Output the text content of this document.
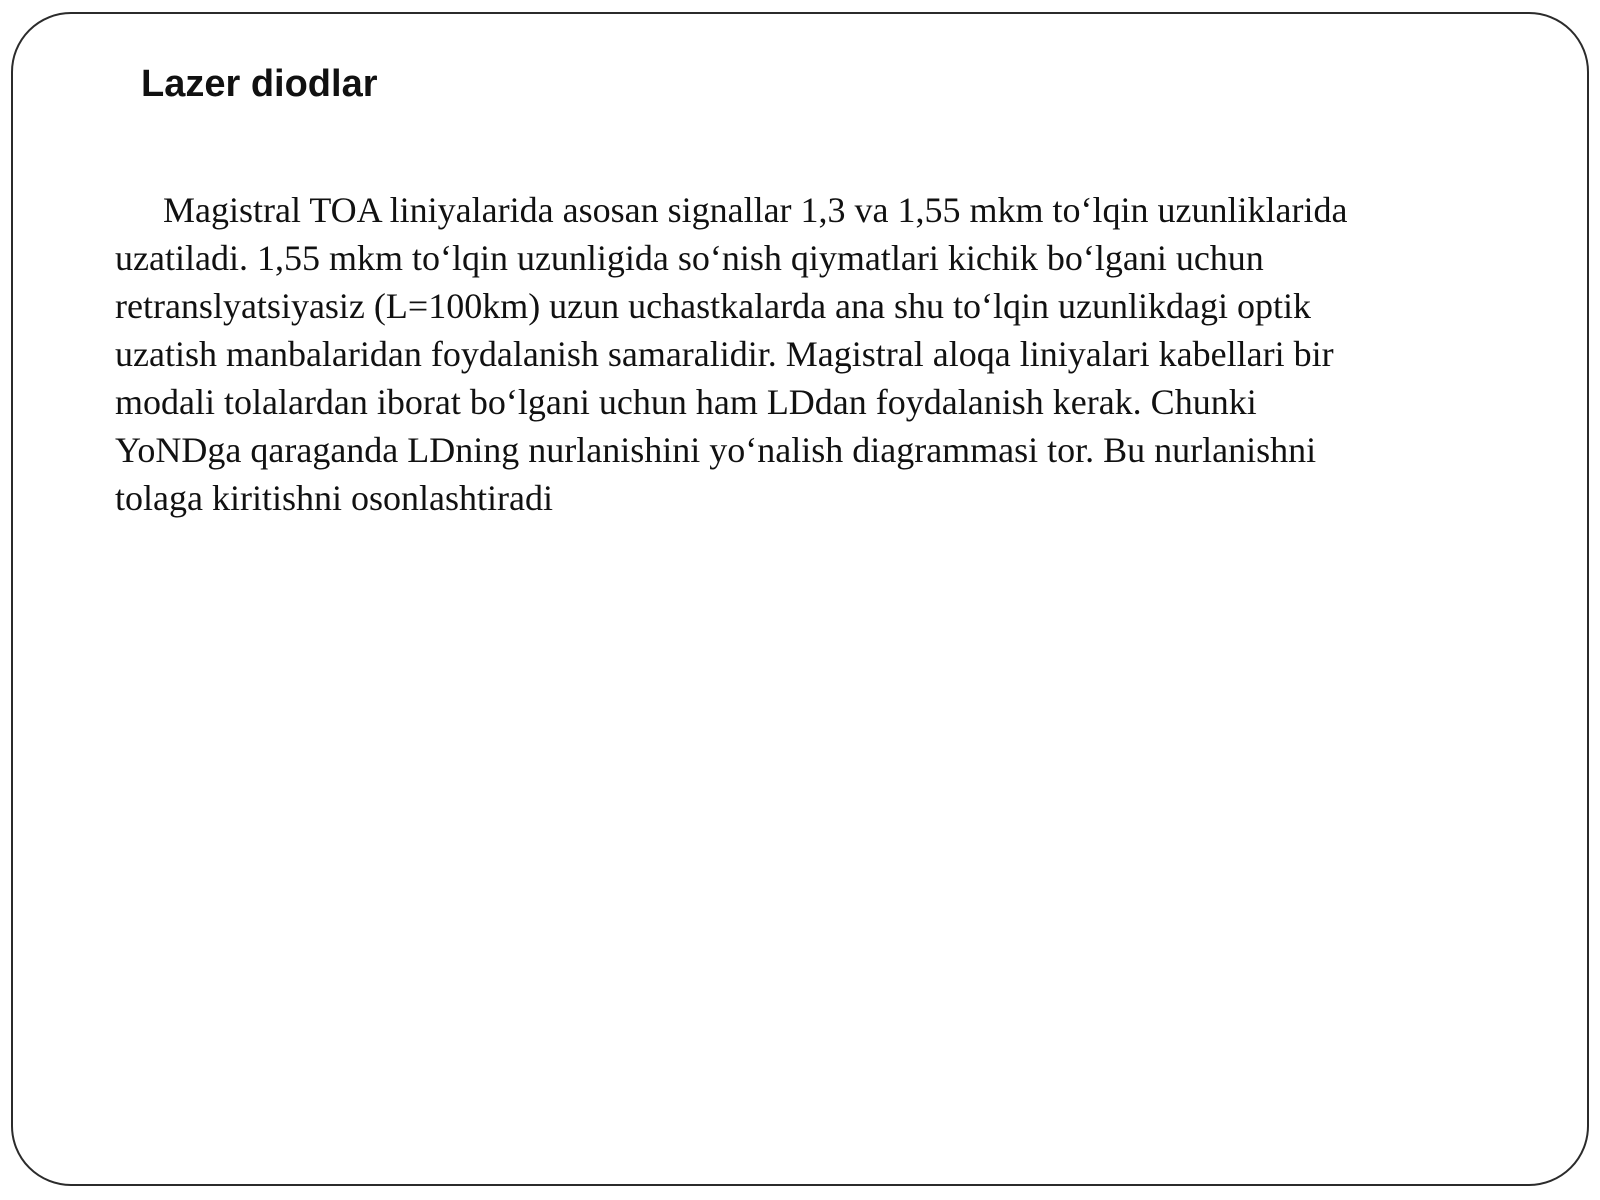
Lazer diodlar

Magistral TOA liniyalarida asosan signallar 1,3 va 1,55 mkm to‘lqin uzunliklarida
uzatiladi. 1,55 mkm to‘lqin uzunligida so‘nish qiymatlari kichik bo‘lgani uchun
retranslyatsiyasiz (L=100km) uzun uchastkalarda ana shu to‘lqin uzunlikdagi optik
uzatish manbalaridan foydalanish samaralidir. Magistral aloqa liniyalari kabellari bir
modali tolalardan iborat bo‘lgani uchun ham LDdan foydalanish kerak. Chunki
YoNDga qaraganda LDning nurlanishini yo‘nalish diagrammasi tor. Bu nurlanishni
tolaga kiritishni osonlashtiradi
